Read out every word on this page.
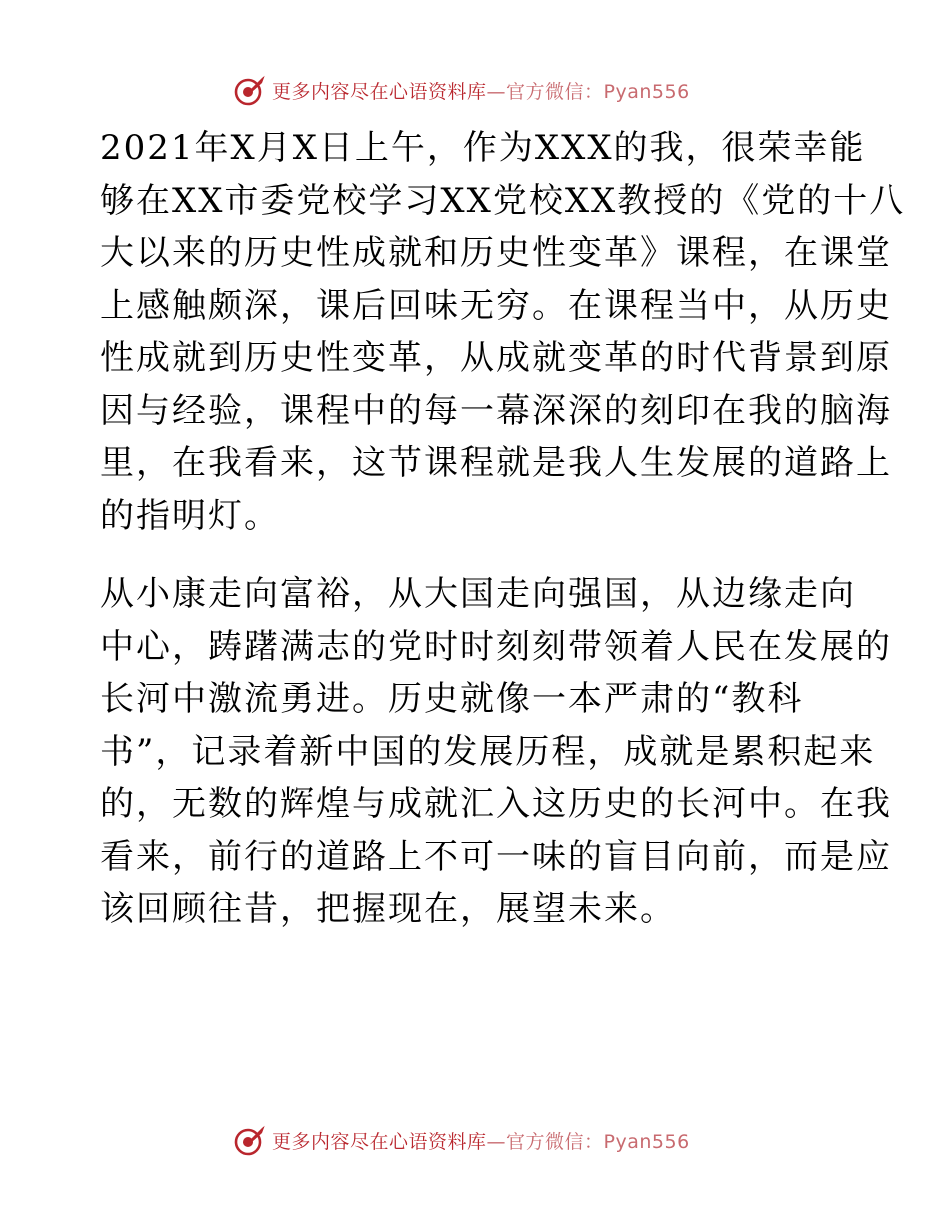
更多内容尽在心语资料库—官方微信：Pyan556

2021年X月X日上午，作为XXX的我，很荣幸能
够在XX市委党校学习XX党校XX教授的《党的十八
大以来的历史性成就和历史性变革》课程，在课堂
上感触颇深，课后回味无穷。在课程当中，从历史
性成就到历史性变革，从成就变革的时代背景到原
因与经验，课程中的每一幕深深的刻印在我的脑海
里，在我看来，这节课程就是我人生发展的道路上
的指明灯。

从小康走向富裕，从大国走向强国，从边缘走向
中心，踌躇满志的党时时刻刻带领着人民在发展的
长河中激流勇进。历史就像一本严肃的“教科
书”，记录着新中国的发展历程，成就是累积起来
的，无数的辉煌与成就汇入这历史的长河中。在我
看来，前行的道路上不可一味的盲目向前，而是应
该回顾往昔，把握现在，展望未来。

更多内容尽在心语资料库—官方微信：Pyan556
